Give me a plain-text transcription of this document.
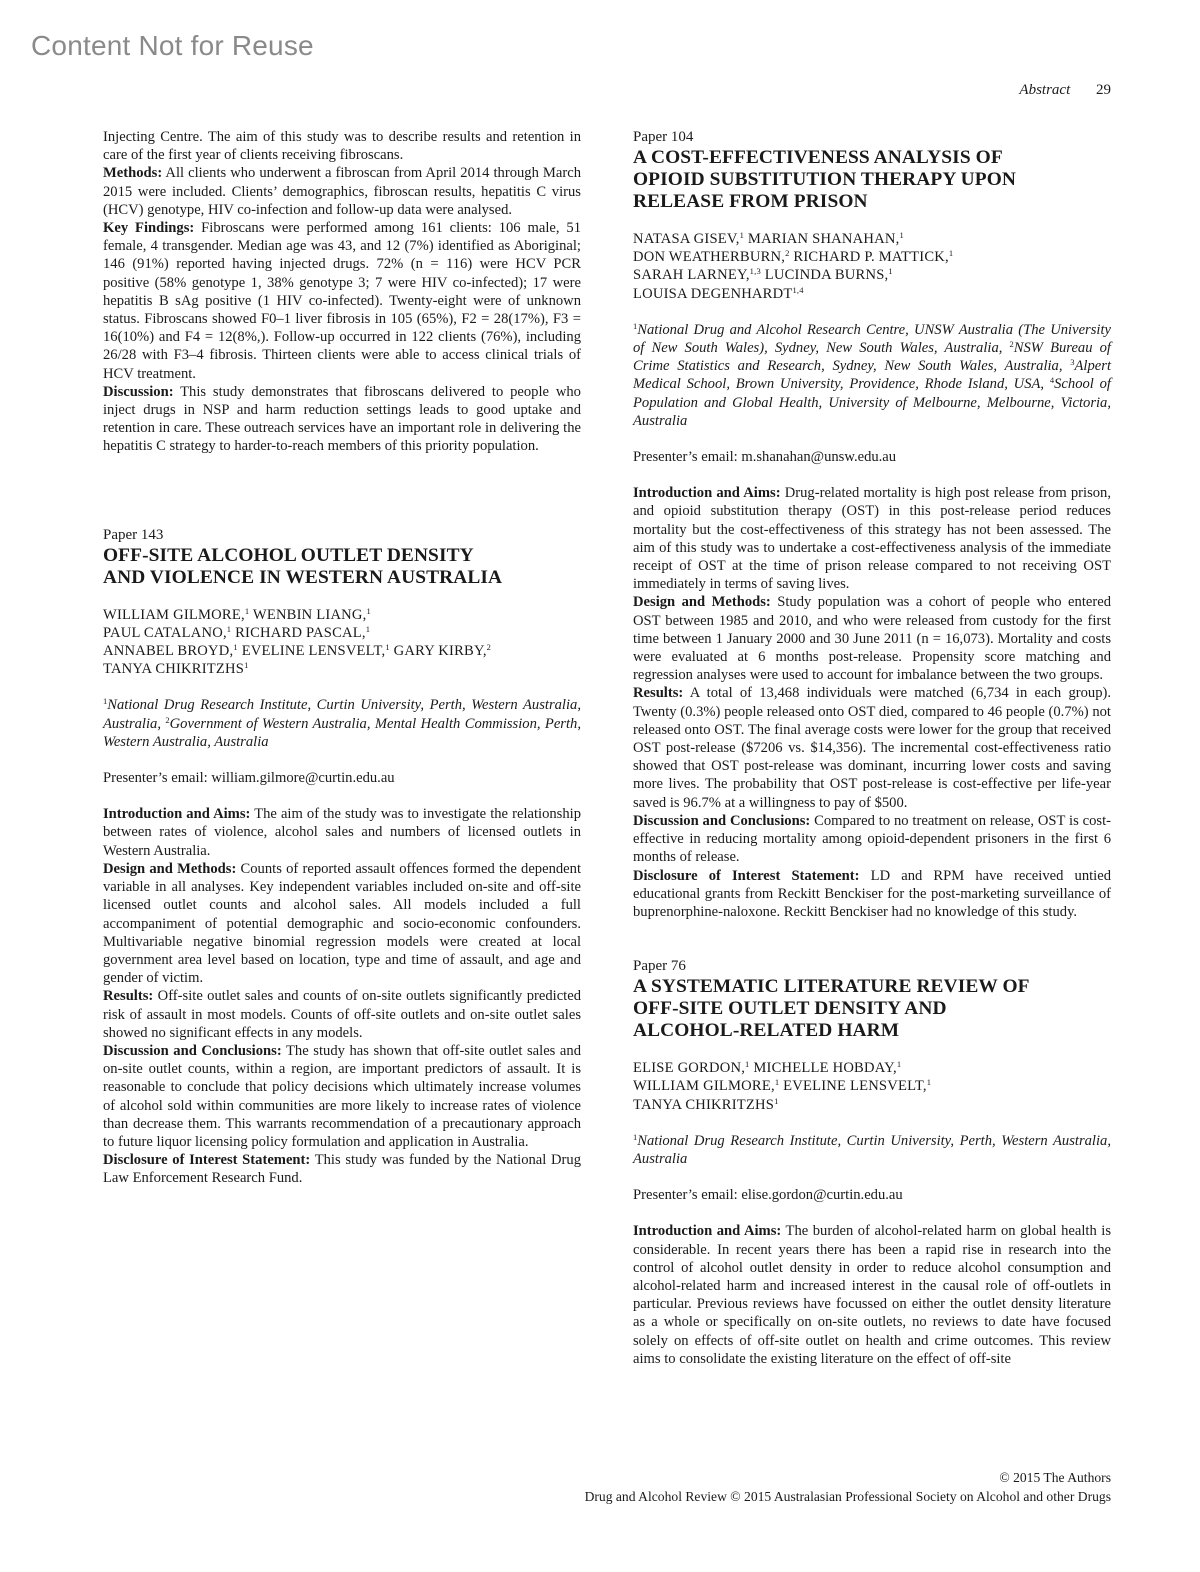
Content Not for Reuse
Abstract 29

Injecting Centre. The aim of this study was to describe results and retention in care of the first year of clients receiving fibroscans.

Methods: All clients who underwent a fibroscan from April 2014 through March 2015 were included. Clients’ demographics, fibroscan results, hepatitis C virus (HCV) genotype, HIV co-infection and follow-up data were analysed.

Key Findings: Fibroscans were performed among 161 clients: 106 male, 51 female, 4 transgender. Median age was 43, and 12 (7%) identified as Aboriginal; 146 (91%) reported having injected drugs. 72% (n = 116) were HCV PCR positive (58% genotype 1, 38% genotype 3; 7 were HIV co-infected); 17 were hepatitis B sAg positive (1 HIV co-infected). Twenty-eight were of unknown status. Fibroscans showed F0–1 liver fibrosis in 105 (65%), F2 = 28(17%), F3 = 16(10%) and F4 = 12(8%,). Follow-up occurred in 122 clients (76%), including 26/28 with F3–4 fibrosis. Thirteen clients were able to access clinical trials of HCV treatment.

Discussion: This study demonstrates that fibroscans delivered to people who inject drugs in NSP and harm reduction settings leads to good uptake and retention in care. These outreach services have an important role in delivering the hepatitis C strategy to harder-to-reach members of this priority population.

Paper 143

OFF-SITE ALCOHOL OUTLET DENSITY
AND VIOLENCE IN WESTERN AUSTRALIA
WILLIAM GILMORE,$^1$ WENBIN LIANG,$^1$
PAUL CATALANO,$^1$ RICHARD PASCAL,$^1$
ANNABEL BROYD,$^1$ EVELINE LENSVELT,$^1$ GARY KIRBY,$^2$
TANYA CHIKRITZHS$^1$

$^1$National Drug Research Institute, Curtin University, Perth, Western Australia, Australia, $^2$Government of Western Australia, Mental Health Commission, Perth, Western Australia, Australia

Presenter’s email: william.gilmore@curtin.edu.au

Introduction and Aims: The aim of the study was to investigate the relationship between rates of violence, alcohol sales and numbers of licensed outlets in Western Australia.

Design and Methods: Counts of reported assault offences formed the dependent variable in all analyses. Key independent variables included on-site and off-site licensed outlet counts and alcohol sales. All models included a full accompaniment of potential demographic and socio-economic confounders. Multivariable negative binomial regression models were created at local government area level based on location, type and time of assault, and age and gender of victim.

Results: Off-site outlet sales and counts of on-site outlets significantly predicted risk of assault in most models. Counts of off-site outlets and on-site outlet sales showed no significant effects in any models.

Discussion and Conclusions: The study has shown that off-site outlet sales and on-site outlet counts, within a region, are important predictors of assault. It is reasonable to conclude that policy decisions which ultimately increase volumes of alcohol sold within communities are more likely to increase rates of violence than decrease them. This warrants recommendation of a precautionary approach to future liquor licensing policy formulation and application in Australia.

Disclosure of Interest Statement: This study was funded by the National Drug Law Enforcement Research Fund.

Paper 104

A COST-EFFECTIVENESS ANALYSIS OF
OPIOID SUBSTITUTION THERAPY UPON
RELEASE FROM PRISON
NATASA GISEV,$^1$ MARIAN SHANAHAN,$^1$
DON WEATHERBURN,$^2$ RICHARD P. MATTICK,$^1$
SARAH LARNEY,$^{1,3}$ LUCINDA BURNS,$^1$
LOUISA DEGENHARDT$^{1,4}$

$^1$National Drug and Alcohol Research Centre, UNSW Australia (The University of New South Wales), Sydney, New South Wales, Australia, $^2$NSW Bureau of Crime Statistics and Research, Sydney, New South Wales, Australia, $^3$Alpert Medical School, Brown University, Providence, Rhode Island, USA, $^4$School of Population and Global Health, University of Melbourne, Melbourne, Victoria, Australia

Presenter’s email: m.shanahan@unsw.edu.au

Introduction and Aims: Drug-related mortality is high post release from prison, and opioid substitution therapy (OST) in this post-release period reduces mortality but the cost-effectiveness of this strategy has not been assessed. The aim of this study was to undertake a cost-effectiveness analysis of the immediate receipt of OST at the time of prison release compared to not receiving OST immediately in terms of saving lives.

Design and Methods: Study population was a cohort of people who entered OST between 1985 and 2010, and who were released from custody for the first time between 1 January 2000 and 30 June 2011 (n = 16,073). Mortality and costs were evaluated at 6 months post-release. Propensity score matching and regression analyses were used to account for imbalance between the two groups.

Results: A total of 13,468 individuals were matched (6,734 in each group). Twenty (0.3%) people released onto OST died, compared to 46 people (0.7%) not released onto OST. The final average costs were lower for the group that received OST post-release ($7206 vs. $14,356). The incremental cost-effectiveness ratio showed that OST post-release was dominant, incurring lower costs and saving more lives. The probability that OST post-release is cost-effective per life-year saved is 96.7% at a willingness to pay of $500.

Discussion and Conclusions: Compared to no treatment on release, OST is cost-effective in reducing mortality among opioid-dependent prisoners in the first 6 months of release.

Disclosure of Interest Statement: LD and RPM have received untied educational grants from Reckitt Benckiser for the post-marketing surveillance of buprenorphine-naloxone. Reckitt Benckiser had no knowledge of this study.

Paper 76

A SYSTEMATIC LITERATURE REVIEW OF
OFF-SITE OUTLET DENSITY AND
ALCOHOL-RELATED HARM
ELISE GORDON,$^1$ MICHELLE HOBDAY,$^1$
WILLIAM GILMORE,$^1$ EVELINE LENSVELT,$^1$
TANYA CHIKRITZHS$^1$

$^1$National Drug Research Institute, Curtin University, Perth, Western Australia, Australia

Presenter’s email: elise.gordon@curtin.edu.au

Introduction and Aims: The burden of alcohol-related harm on global health is considerable. In recent years there has been a rapid rise in research into the control of alcohol outlet density in order to reduce alcohol consumption and alcohol-related harm and increased interest in the causal role of off-outlets in particular. Previous reviews have focussed on either the outlet density literature as a whole or specifically on on-site outlets, no reviews to date have focused solely on effects of off-site outlet on health and crime outcomes. This review aims to consolidate the existing literature on the effect of off-site

© 2015 The Authors
Drug and Alcohol Review © 2015 Australasian Professional Society on Alcohol and other Drugs
